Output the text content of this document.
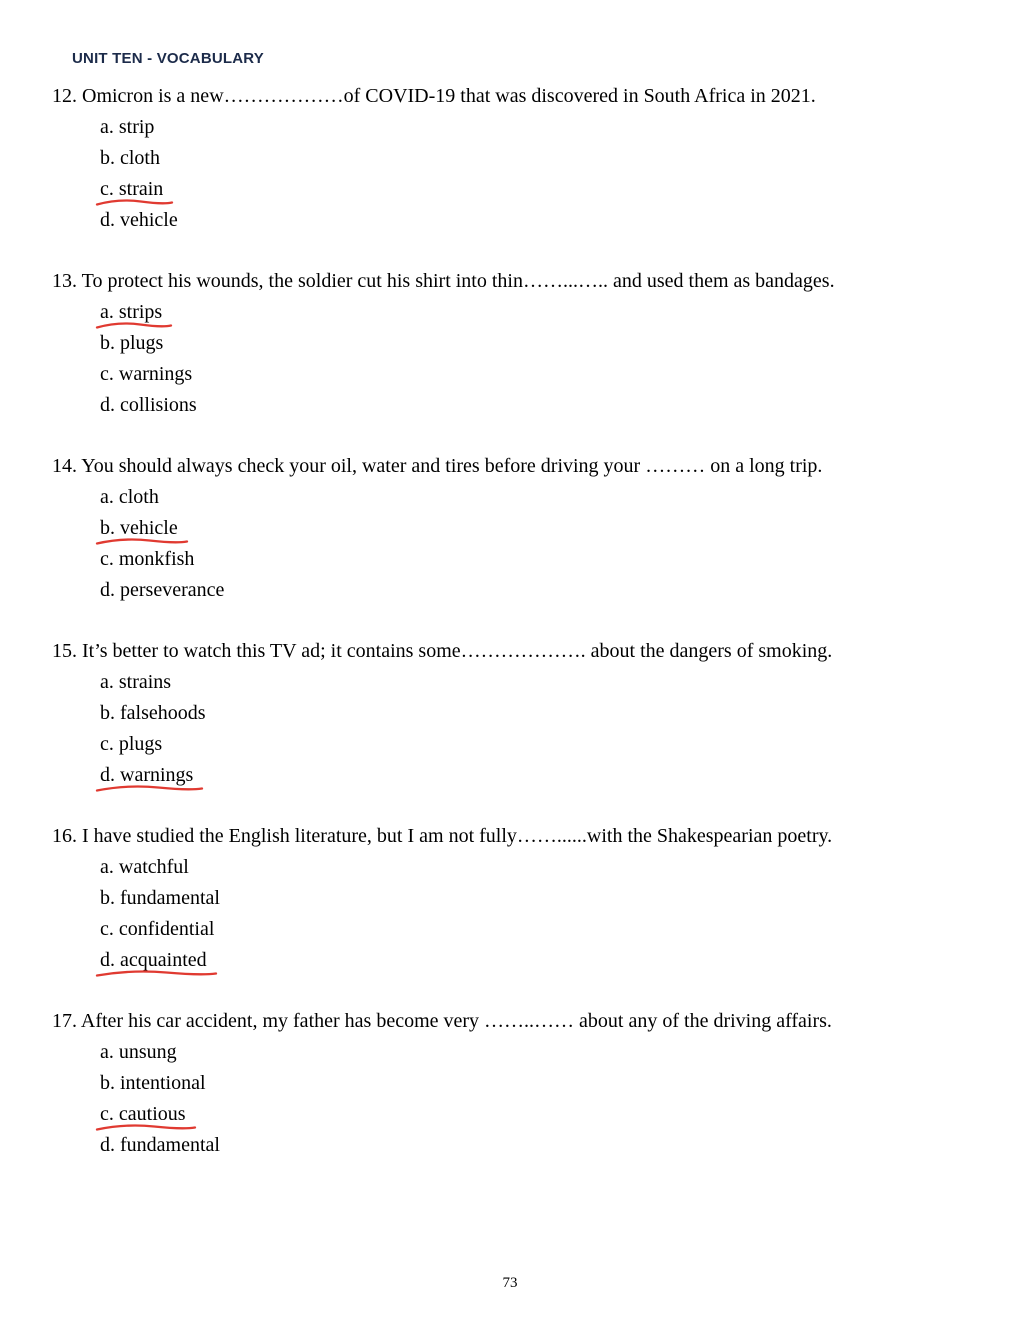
UNIT TEN - VOCABULARY
12. Omicron is a new………………of COVID-19 that was discovered in South Africa in 2021.
a. strip
b. cloth
c. strain
d. vehicle
13. To protect his wounds, the soldier cut his shirt into thin……...….. and used them as bandages.
a. strips
b. plugs
c. warnings
d. collisions
14. You should always check your oil, water and tires before driving your ……… on a long trip.
a. cloth
b. vehicle
c. monkfish
d. perseverance
15. It’s better to watch this TV ad; it contains some………………. about the dangers of smoking.
a. strains
b. falsehoods
c. plugs
d. warnings
16. I have studied the English literature, but I am not fully……......with the Shakespearian poetry.
a. watchful
b. fundamental
c. confidential
d. acquainted
17. After his car accident, my father has become very ……..…… about any of the driving affairs.
a. unsung
b. intentional
c. cautious
d. fundamental
73
